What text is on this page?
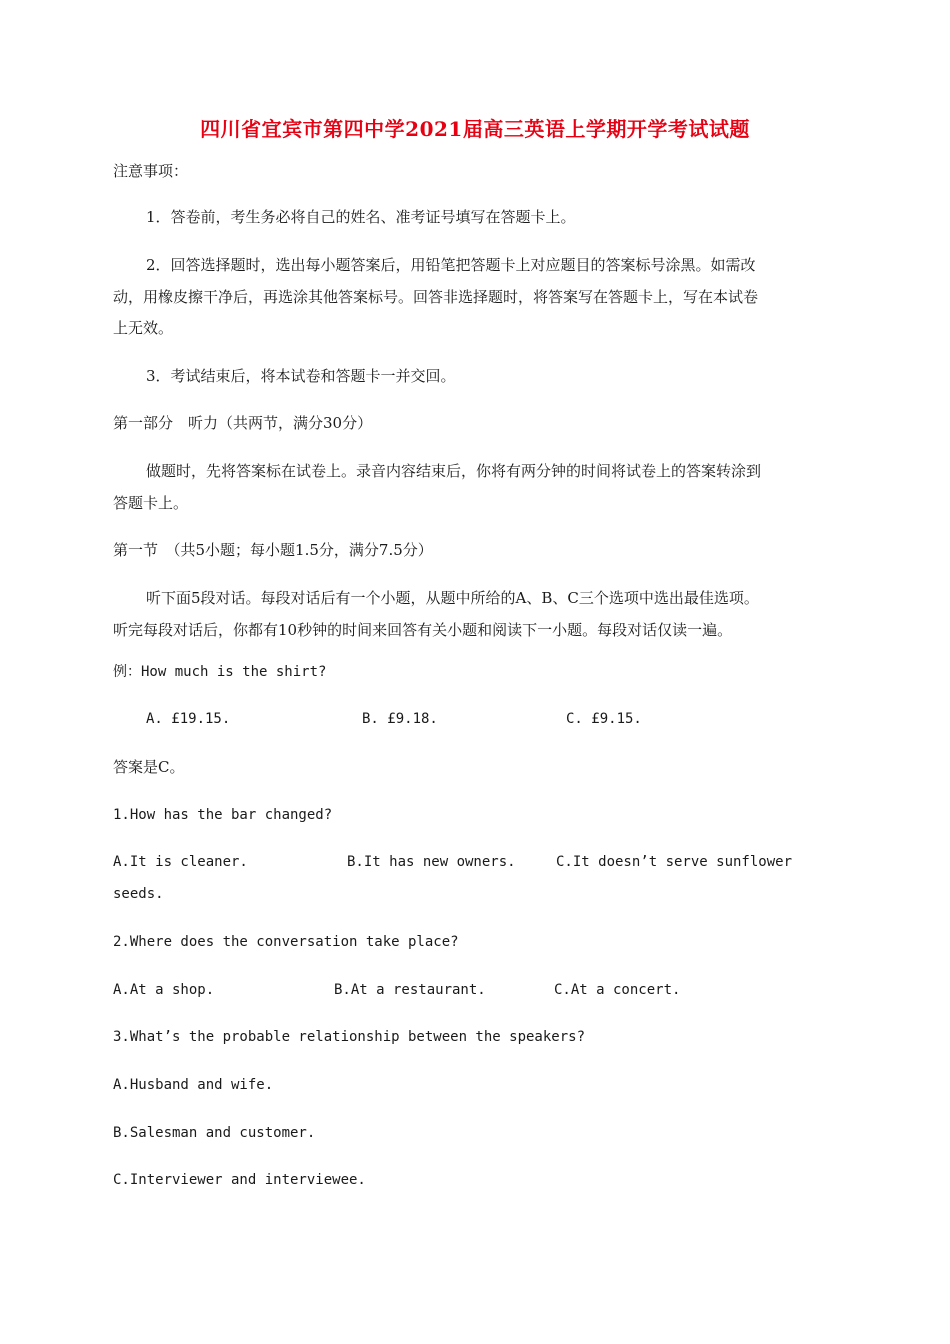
四川省宜宾市第四中学2021届高三英语上学期开学考试试题
注意事项：
1．答卷前，考生务必将自己的姓名、准考证号填写在答题卡上。
2．回答选择题时，选出每小题答案后，用铅笔把答题卡上对应题目的答案标号涂黑。如需改
动，用橡皮擦干净后，再选涂其他答案标号。回答非选择题时，将答案写在答题卡上，写在本试卷
上无效。
3．考试结束后，将本试卷和答题卡一并交回。
第一部分　听力（共两节，满分30分）
做题时，先将答案标在试卷上。录音内容结束后，你将有两分钟的时间将试卷上的答案转涂到
答题卡上。
第一节　（共5小题；每小题1.5分，满分7.5分）
听下面5段对话。每段对话后有一个小题，从题中所给的A、B、C三个选项中选出最佳选项。
听完每段对话后，你都有10秒钟的时间来回答有关小题和阅读下一小题。每段对话仅读一遍。
例：How much is the shirt?
A. £19.15.	B. £9.18.	C. £9.15.
答案是C。
1.How has the bar changed?
A.It is cleaner.	B.It has new owners.	C.It doesn’t serve sunflower
seeds.
2.Where does the conversation take place?
A.At a shop.	B.At a restaurant.	C.At a concert.
3.What’s the probable relationship between the speakers?
A.Husband and wife.
B.Salesman and customer.
C.Interviewer and interviewee.
